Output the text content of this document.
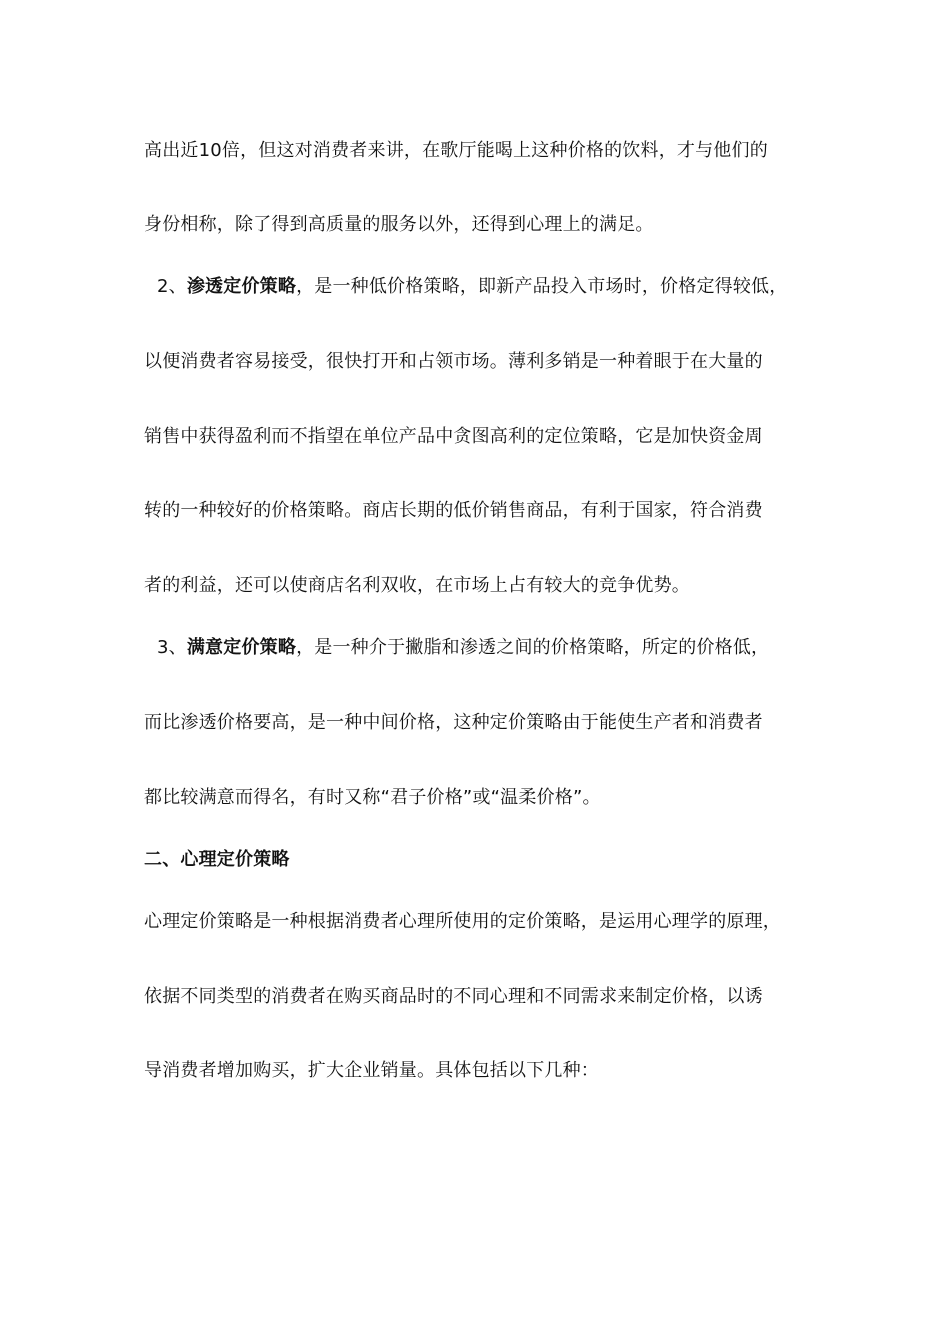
高出近10倍，但这对消费者来讲，在歌厅能喝上这种价格的饮料，才与他们的
身份相称，除了得到高质量的服务以外，还得到心理上的满足。
2、渗透定价策略，是一种低价格策略，即新产品投入市场时，价格定得较低，
以便消费者容易接受，很快打开和占领市场。薄利多销是一种着眼于在大量的
销售中获得盈利而不指望在单位产品中贪图高利的定位策略，它是加快资金周
转的一种较好的价格策略。商店长期的低价销售商品，有利于国家，符合消费
者的利益，还可以使商店名利双收，在市场上占有较大的竞争优势。
3、满意定价策略，是一种介于撇脂和渗透之间的价格策略，所定的价格低，
而比渗透价格要高，是一种中间价格，这种定价策略由于能使生产者和消费者
都比较满意而得名，有时又称“君子价格”或“温柔价格”。
二、心理定价策略
心理定价策略是一种根据消费者心理所使用的定价策略，是运用心理学的原理，
依据不同类型的消费者在购买商品时的不同心理和不同需求来制定价格，以诱
导消费者增加购买，扩大企业销量。具体包括以下几种：
